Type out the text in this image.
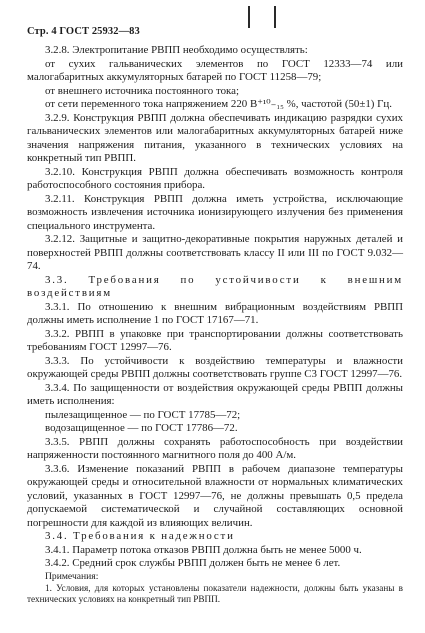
Стр. 4 ГОСТ 25932—83

3.2.8. Электропитание РВПП необходимо осуществлять:

от сухих гальванических элементов по ГОСТ 12333—74 или малогабаритных аккумуляторных батарей по ГОСТ 11258—79;

от внешнего источника постоянного тока;

от сети переменного тока напряжением 220 В⁺¹⁰₋₁₅ %, частотой (50±1) Гц.

3.2.9. Конструкция РВПП должна обеспечивать индикацию разрядки сухих гальванических элементов или малогабаритных аккумуляторных батарей ниже значения напряжения питания, указанного в технических условиях на конкретный тип РВПП.

3.2.10. Конструкция РВПП должна обеспечивать возможность контроля работоспособного состояния прибора.

3.2.11. Конструкция РВПП должна иметь устройства, исключающие возможность извлечения источника ионизирующего излучения без применения специального инструмента.

3.2.12. Защитные и защитно-декоративные покрытия наружных деталей и поверхностей РВПП должны соответствовать классу II или III по ГОСТ 9.032—74.

3.3. Требования по устойчивости к внешним воздействиям

3.3.1. По отношению к внешним вибрационным воздействиям РВПП должны иметь исполнение 1 по ГОСТ 17167—71.

3.3.2. РВПП в упаковке при транспортировании должны соответствовать требованиям ГОСТ 12997—76.

3.3.3. По устойчивости к воздействию температуры и влажности окружающей среды РВПП должны соответствовать группе С3 ГОСТ 12997—76.

3.3.4. По защищенности от воздействия окружающей среды РВПП должны иметь исполнения:

пылезащищенное — по ГОСТ 17785—72;

водозащищенное — по ГОСТ 17786—72.

3.3.5. РВПП должны сохранять работоспособность при воздействии напряженности постоянного магнитного поля до 400 А/м.

3.3.6. Изменение показаний РВПП в рабочем диапазоне температуры окружающей среды и относительной влажности от нормальных климатических условий, указанных в ГОСТ 12997—76, не должны превышать 0,5 предела допускаемой систематической и случайной составляющих основной погрешности для каждой из влияющих величин.

3.4. Требования к надежности

3.4.1. Параметр потока отказов РВПП должна быть не менее 5000 ч.

3.4.2. Средний срок службы РВПП должен быть не менее 6 лет.

Примечания:

1. Условия, для которых установлены показатели надежности, должны быть указаны в технических условиях на конкретный тип РВПП.
